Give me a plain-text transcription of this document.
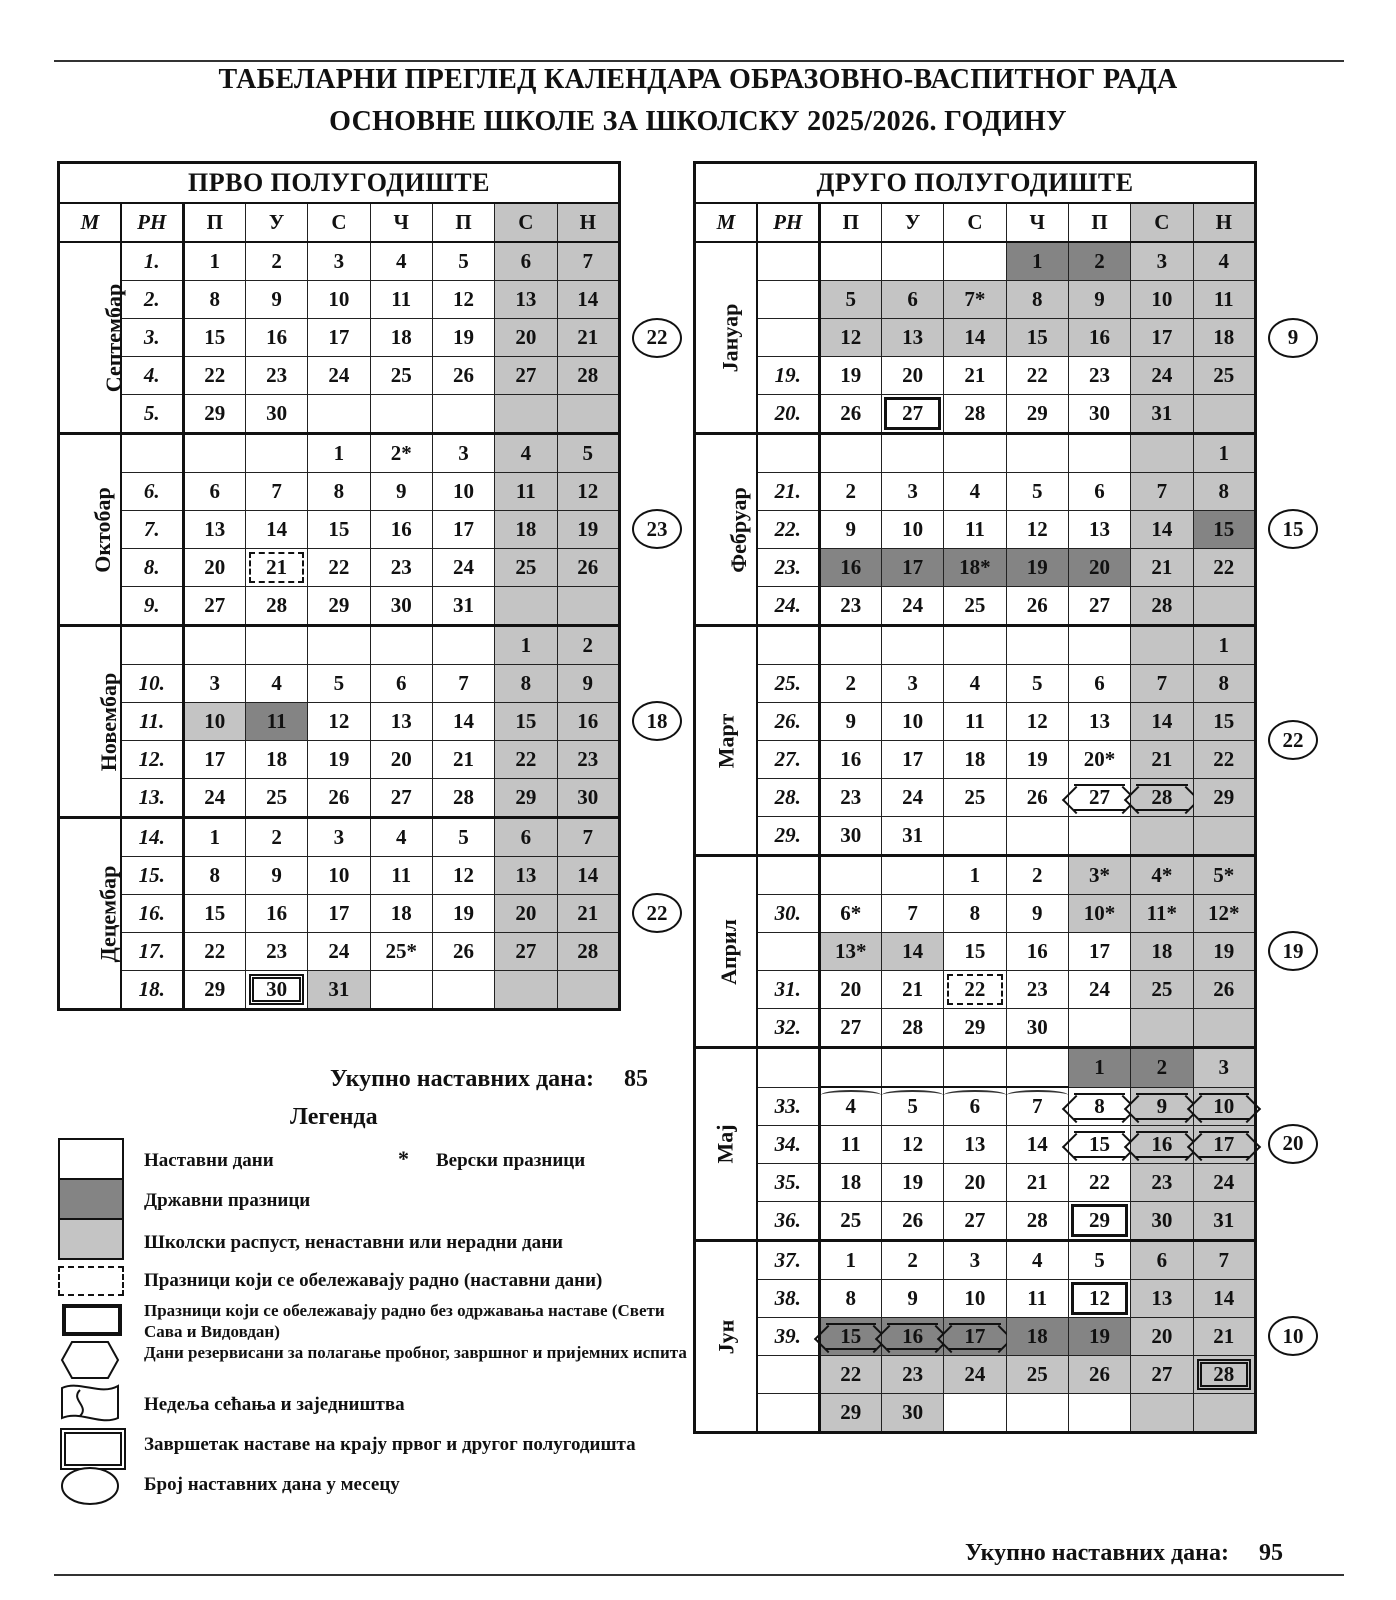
ТАБЕЛАРНИ ПРЕГЛЕД КАЛЕНДАРА ОБРАЗОВНО-ВАСПИТНОГ РАДА
ОСНОВНЕ ШКОЛЕ ЗА ШКОЛСКУ 2025/2026. ГОДИНУ
ПРВО ПОЛУГОДИШТЕ								
М	РН	П	У	С	Ч	П	С	Н
Септембар	1.	1	2	3	4	5	6	7
	2.	8	9	10	11	12	13	14
	3.	15	16	17	18	19	20	21
	4.	22	23	24	25	26	27	28
	5.	29	30					
Октобар				1	2*	3	4	5
	6.	6	7	8	9	10	11	12
	7.	13	14	15	16	17	18	19
	8.	20	21	22	23	24	25	26
	9.	27	28	29	30	31		
Новембар							1	2
	10.	3	4	5	6	7	8	9
	11.	10	11	12	13	14	15	16
	12.	17	18	19	20	21	22	23
	13.	24	25	26	27	28	29	30
Децембар	14.	1	2	3	4	5	6	7
	15.	8	9	10	11	12	13	14
	16.	15	16	17	18	19	20	21
	17.	22	23	24	25*	26	27	28
	18.	29	30	31				
ДРУГО ПОЛУГОДИШТЕ								
М	РН	П	У	С	Ч	П	С	Н
Јануар					1	2	3	4
		5	6	7*	8	9	10	11
		12	13	14	15	16	17	18
	19.	19	20	21	22	23	24	25
	20.	26	27	28	29	30	31	
Фебруар								1
	21.	2	3	4	5	6	7	8
	22.	9	10	11	12	13	14	15
	23.	16	17	18*	19	20	21	22
	24.	23	24	25	26	27	28	
Март								1
	25.	2	3	4	5	6	7	8
	26.	9	10	11	12	13	14	15
	27.	16	17	18	19	20*	21	22
	28.	23	24	25	26	27	28	29
	29.	30	31					
Април				1	2	3*	4*	5*
	30.	6*	7	8	9	10*	11*	12*
		13*	14	15	16	17	18	19
	31.	20	21	22	23	24	25	26
	32.	27	28	29	30			
Мај						1	2	3
	33.	4	5	6	7	8	9	10

	34.	11	12	13	14	15	16	17

	35.	18	19	20	21	22	23	24
	36.	25	26	27	28	29	30	31
Јун	37.	1	2	3	4	5	6	7
	38.	8	9	10	11	12	13	14
	39.	15	16	17	18	19	20	21
		22	23	24	25	26	27	28
		29	30					
22
23
18
22
9
15
22
19
20
10
Укупно наставних дана: 85
Укупно наставних дана: 95
Легенда
Наставни дани	* Верски празници
Државни празници
Школски распуст, ненаставни или нерадни дани
Празници који се обележавају радно (наставни дани)
Празници који се обележавају радно без одржавања наставе (Свети Сава и Видовдан)
Дани резервисани за полагање пробног, завршног и пријемних испита
Недеља сећања и заједништва
Завршетак наставе на крају првог и другог полугодишта
Број наставних дана у месецу
